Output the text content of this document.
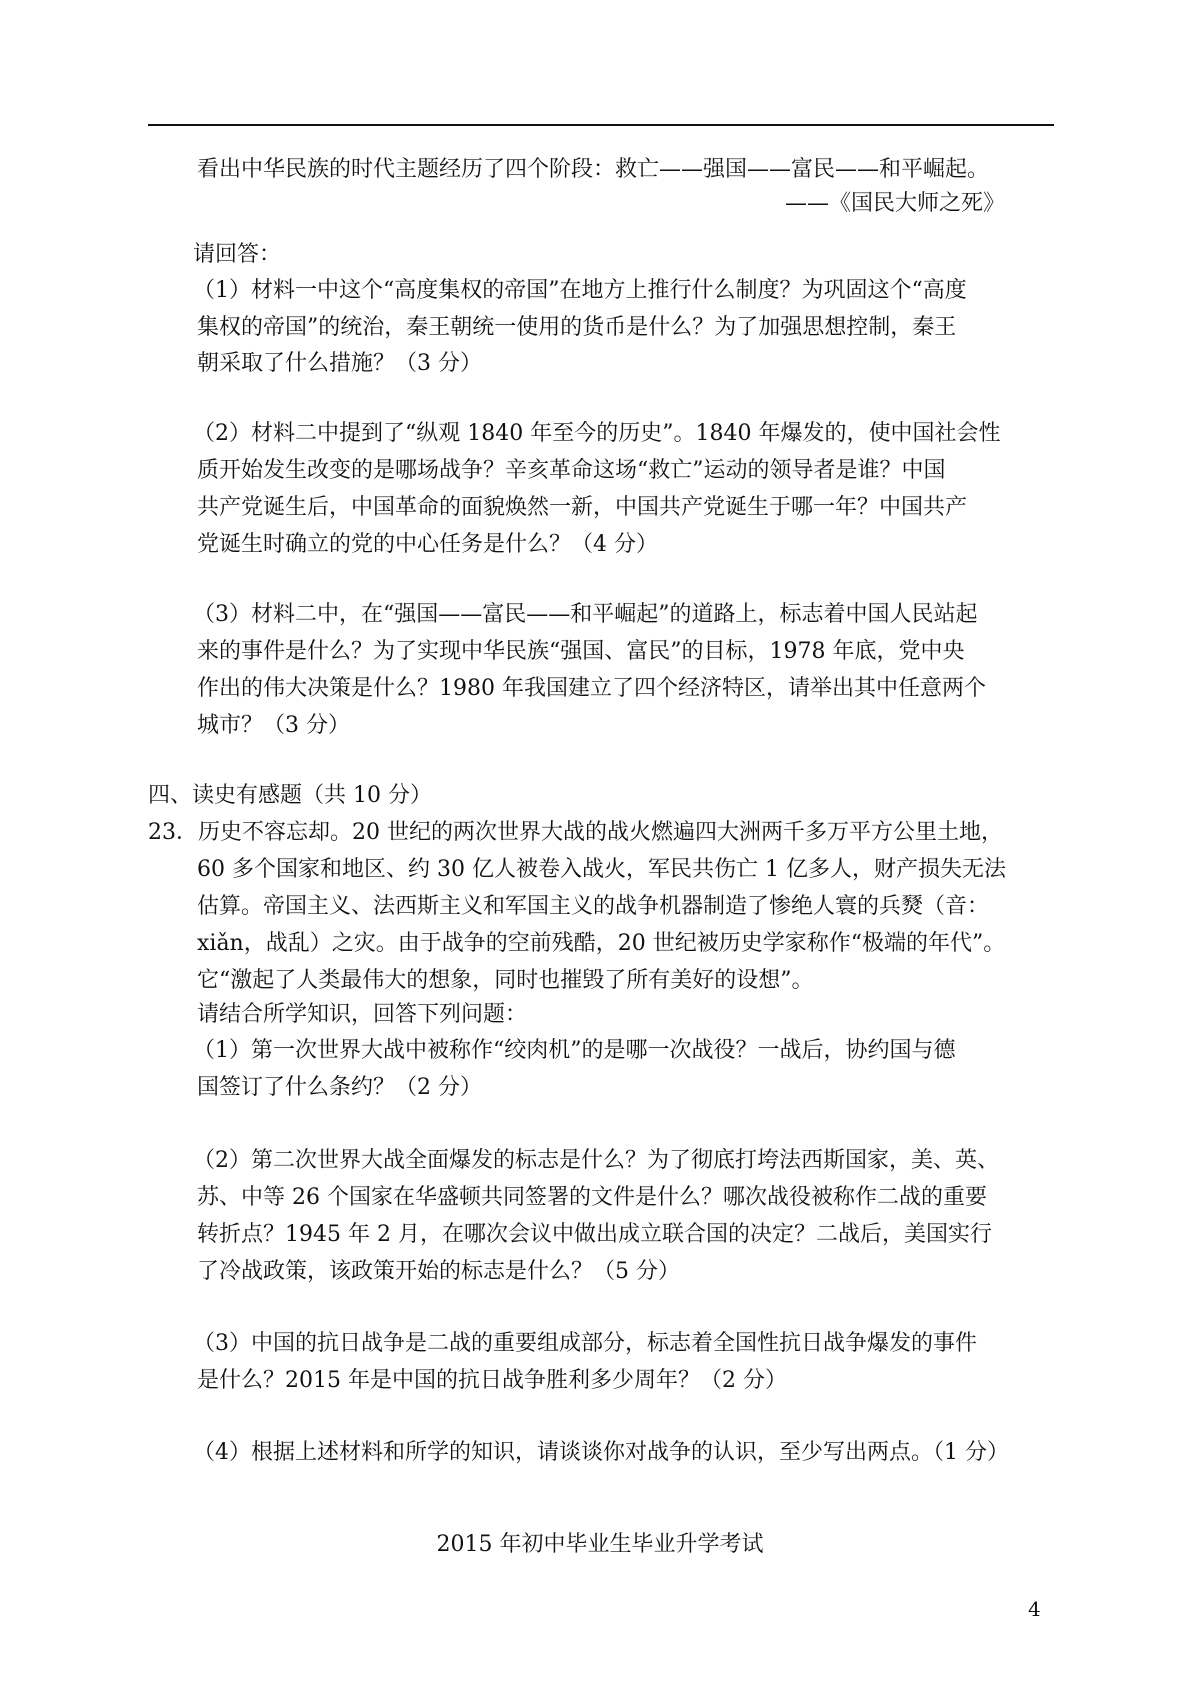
看出中华民族的时代主题经历了四个阶段：救亡——强国——富民——和平崛起。
——《国民大师之死》
请回答：
（1）材料一中这个“高度集权的帝国”在地方上推行什么制度？为巩固这个“高度
集权的帝国”的统治，秦王朝统一使用的货币是什么？为了加强思想控制，秦王
朝采取了什么措施？（3 分）
（2）材料二中提到了“纵观 1840 年至今的历史”。1840 年爆发的，使中国社会性
质开始发生改变的是哪场战争？辛亥革命这场“救亡”运动的领导者是谁？中国
共产党诞生后，中国革命的面貌焕然一新，中国共产党诞生于哪一年？中国共产
党诞生时确立的党的中心任务是什么？（4 分）
（3）材料二中，在“强国——富民——和平崛起”的道路上，标志着中国人民站起
来的事件是什么？为了实现中华民族“强国、富民”的目标，1978 年底，党中央
作出的伟大决策是什么？1980 年我国建立了四个经济特区，请举出其中任意两个
城市？（3 分）
四、读史有感题（共 10 分）
23．历史不容忘却。20 世纪的两次世界大战的战火燃遍四大洲两千多万平方公里土地，
60 多个国家和地区、约 30 亿人被卷入战火，军民共伤亡 1 亿多人，财产损失无法
估算。帝国主义、法西斯主义和军国主义的战争机器制造了惨绝人寰的兵燹（音：
xiǎn，战乱）之灾。由于战争的空前残酷，20 世纪被历史学家称作“极端的年代”。
它“激起了人类最伟大的想象，同时也摧毁了所有美好的设想”。
请结合所学知识，回答下列问题：
（1）第一次世界大战中被称作“绞肉机”的是哪一次战役？一战后，协约国与德
国签订了什么条约？（2 分）
（2）第二次世界大战全面爆发的标志是什么？为了彻底打垮法西斯国家，美、英、
苏、中等 26 个国家在华盛顿共同签署的文件是什么？哪次战役被称作二战的重要
转折点？1945 年 2 月，在哪次会议中做出成立联合国的决定？二战后，美国实行
了冷战政策，该政策开始的标志是什么？（5 分）
（3）中国的抗日战争是二战的重要组成部分，标志着全国性抗日战争爆发的事件
是什么？2015 年是中国的抗日战争胜利多少周年？（2 分）
（4）根据上述材料和所学的知识，请谈谈你对战争的认识，至少写出两点。（1 分）
2015 年初中毕业生毕业升学考试
4
